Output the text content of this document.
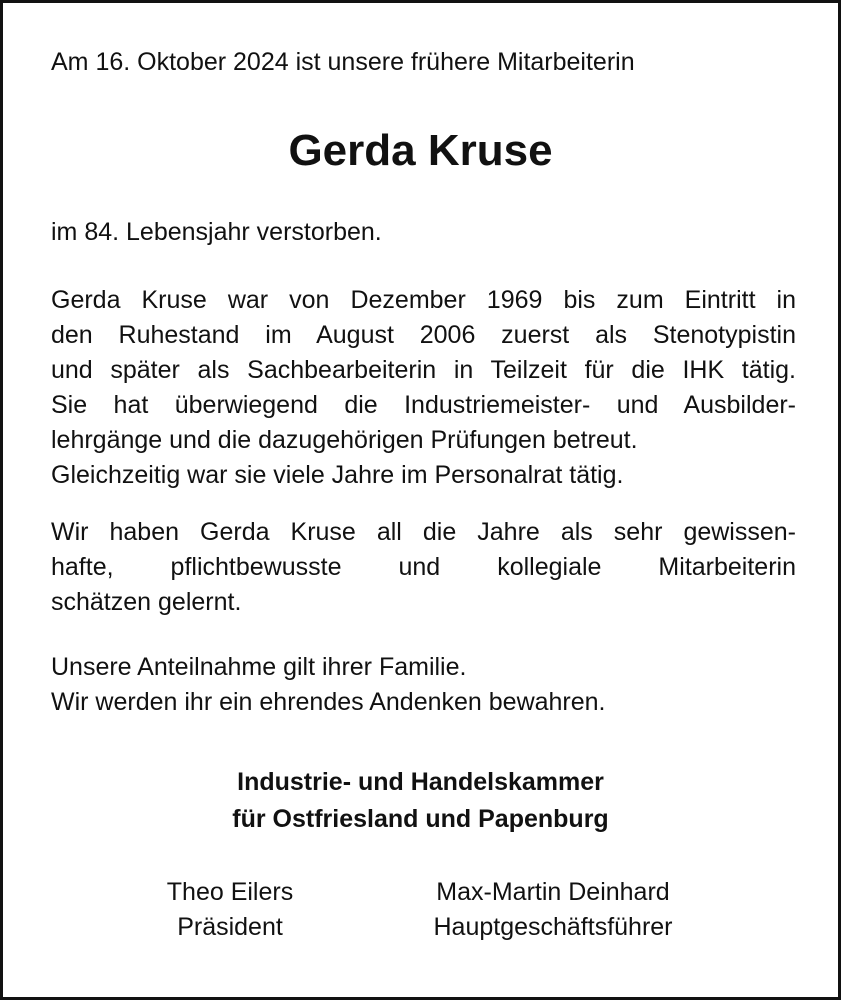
Am 16. Oktober 2024 ist unsere frühere Mitarbeiterin

Gerda Kruse

im 84. Lebensjahr verstorben.

Gerda Kruse war von Dezember 1969 bis zum Eintritt in
den Ruhestand im August 2006 zuerst als Stenotypistin
und später als Sachbearbeiterin in Teilzeit für die IHK tätig.
Sie hat überwiegend die Industriemeister- und Ausbilder-
lehrgänge und die dazugehörigen Prüfungen betreut.
Gleichzeitig war sie viele Jahre im Personalrat tätig.
Wir haben Gerda Kruse all die Jahre als sehr gewissen-
hafte, pflichtbewusste und kollegiale Mitarbeiterin
schätzen gelernt.
Unsere Anteilnahme gilt ihrer Familie.
Wir werden ihr ein ehrendes Andenken bewahren.
Industrie- und Handelskammer
für Ostfriesland und Papenburg
Theo Eilers
Präsident
Max-Martin Deinhard
Hauptgeschäftsführer
